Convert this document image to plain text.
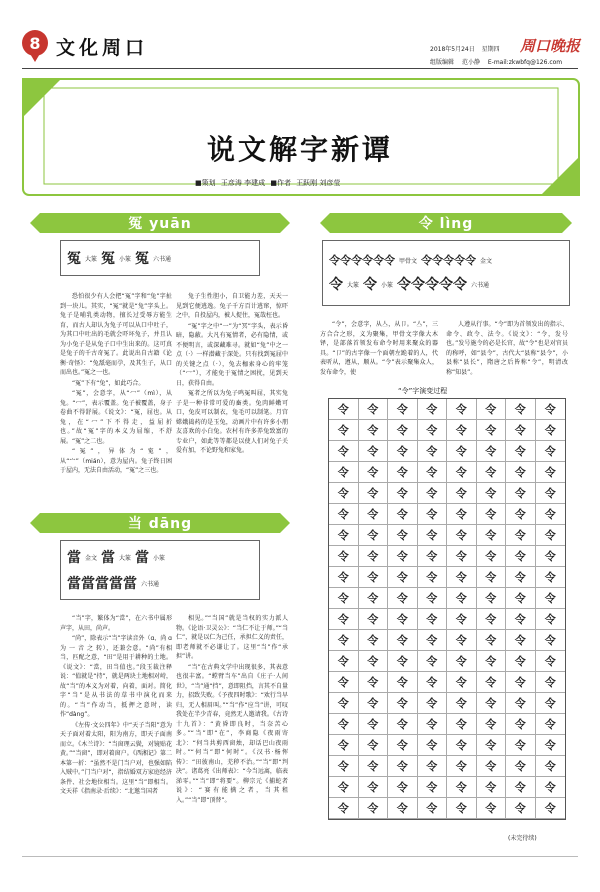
8 文化周口	2018年5月24日 星期四	周口晚报
组版编辑 范小静 E-mail:zkwbfq@126.com
说文解字新谭
■策划 王彦涛 李建成 ■作者 王跃刚 刘彦莹
冤 yuān
冤 大篆 冤 小篆 冤 六书通

恐怕很少有人会把“冤”字和“兔”字扯到一块儿。其实，“冤”就是“兔”字头上。兔子是哺乳类动物，擅长过受辱方能生育，而古人却认为兔子可以从口中吐子，为其口中吐出的毛就会吓坏兔子，并且认为小兔子是从兔子口中生出来的。这可真是兔子的千古奇冤了。此说出自古籍《论衡·奇怪》：“兔舐毫而孕，及其生子，从口而出也。”冤之一也。

“冤”下有“兔”，如此巧合。

“冤”，会意字，从“冖”（mì），从兔。“冖”，表示覆盖。兔子被覆盖，身子卷曲不得舒展。《说文》：“冤，屈也。从兔，在“冖”下不得走，益屈折也。”故“冤”字的本义为屈缩，不舒展。“冤”之二也。

“冤”，异体为“寃”，从“宀”（mián），意为屋内。兔子终日困于屋内，无法自由活动，“冤”之三也。

兔子生性胆小，自卫能力差，天天一见到它便逃逸。兔子千方百计逃窜，惊吓之中，自投屋内，被人捉住，冤哉枉也。

“冤”字之中“一”为“冥”字头，表示昏暗，隐蔽。大凡有冤情者，必有隐情，或不便明言，或深藏难寻。就如“兔”中之一点（·）一样潜藏于深处。只有找到冤屈中的关键之点（·），兔去枷索身心的牢笼（“冖”），才能免于冤情之困扰，见到天日，获得自由。

冤者之所以为兔子鸣冤叫屈，其实兔子是一种非常可爱的畜类。兔肉鲜嫩可口，兔皮可以制衣，兔毛可以制笔。月宫嫦娥捣药的是玉兔，动画片中有许多小朋友喜欢的小白兔。农村有许多养兔致富的专业户，如此等等都是以使人们对兔子关爱有加，不论野兔和家兔。

令 lìng
令令令令令令 甲骨文 令令令令令 金文
令 大篆 令 小篆 令令令令令 六书通

“令”，会意字，从亼，从卩。“亼”，三方合合之形，义为聚集，甲骨文字像大木铎，是部落首领发布命令时用来聚众的器具。“卩”的古字像一个面朝左跪着的人，代表听从，遵从，顺从。“令”表示聚集众人，发布命令，使

人遵从行事。“令”即为首领发出的指示、命令、政令、法令。《说文》：“令，发号也。”发号施令的必是长官，故“令”也是对官员的称呼，如“县令”，古代大“县称“县令”，小县称“县长”，隋唐之后皆称“令”，明清改称“知县”。

“令”字演变过程
令	令	令	令	令	令	令	令
令	令	令	令	令	令	令	令
令	令	令	令	令	令	令	令
令	令	令	令	令	令	令	令
令	令	令	令	令	令	令	令
令	令	令	令	令	令	令	令
令	令	令	令	令	令	令	令
令	令	令	令	令	令	令	令
令	令	令	令	令	令	令	令
令	令	令	令	令	令	令	令
令	令	令	令	令	令	令	令
令	令	令	令	令	令	令	令
令	令	令	令	令	令	令	令
令	令	令	令	令	令	令	令
令	令	令	令	令	令	令	令
令	令	令	令	令	令	令	令
令	令	令	令	令	令	令	令
令	令	令	令	令	令	令	令
令	令	令	令	令	令	令	令
令	令	令	令	令	令	令	令
当 dāng
當 金文 當 大篆 當 小篆
當當當當當 六书通

“当”字，繁体为“當”，在六书中属形声字，从田，尚声。

“尚”，除表示“当”字读音外（ɑ、尚 ɑ 为 一 音 之 转），还兼会意。“尚”有相当，匹配之意，“田”是用于耕种的土地。《说文》：“當，田当值也。”段玉裁注释说：“值就是“持”，就是两块土地相对峙，故“当”的本义为对着，向着，面对。简化字“当”是从书法的草书中演化而来的。“当”作动当，抵押之意时，读作“dàng”。

《左传·文公四年》中“天子当阳”意为天子面对着太阳，阳为南方，即天子面南而立。《木兰诗》：“当窗理云鬓，对镜贴花黄。”“当窗”，即对着窗户。《西湘记》第二本第一折：“虽然不是门当户对，也强如陷入贼中。”门当户对“，指结婚双方家庭经济条件、社会地位相当。这里“当”即相当。文天祥《指南录·后续》：“北邀当国者

相见。”“当国”就是当权的实力派人物。《论语·卫灵公》：“当仁不让于师。”“当仁”，就是以仁为己任，承担仁义的责任，即老师就不必谦让了。这里“当”作“承担”讲。

“当”在古典文学中出现很多，其表意也很丰富。“螳臂当车”出自《庄子·人间世》，“当”通“挡”，意即阻挡，言其不自量力，招致失败。《予夜四时歌》：“欢行当早归，无人相眉叫。”“当”作“应当”讲，可叹我处在半少青春，竟然无人邀请我。《古诗十九首》：“黄昏即良时，当奈苦心多。”“当”即“在”，李商隐《夜雨寄北》：“何当共剪西窗烛，却话巴山夜雨时。”“何当”即“何时”。《汉书·杨恽传》：“田彼南山，芜秽不治。”“当”即“判决”。诸葛亮《出师表》：“今当远离，临表涕零。”“当”即“将要”。柳宗元《捕蛇者说》：“赛有能擒之者，当其租入。”“当”即“顶替”。

(未完待续)
